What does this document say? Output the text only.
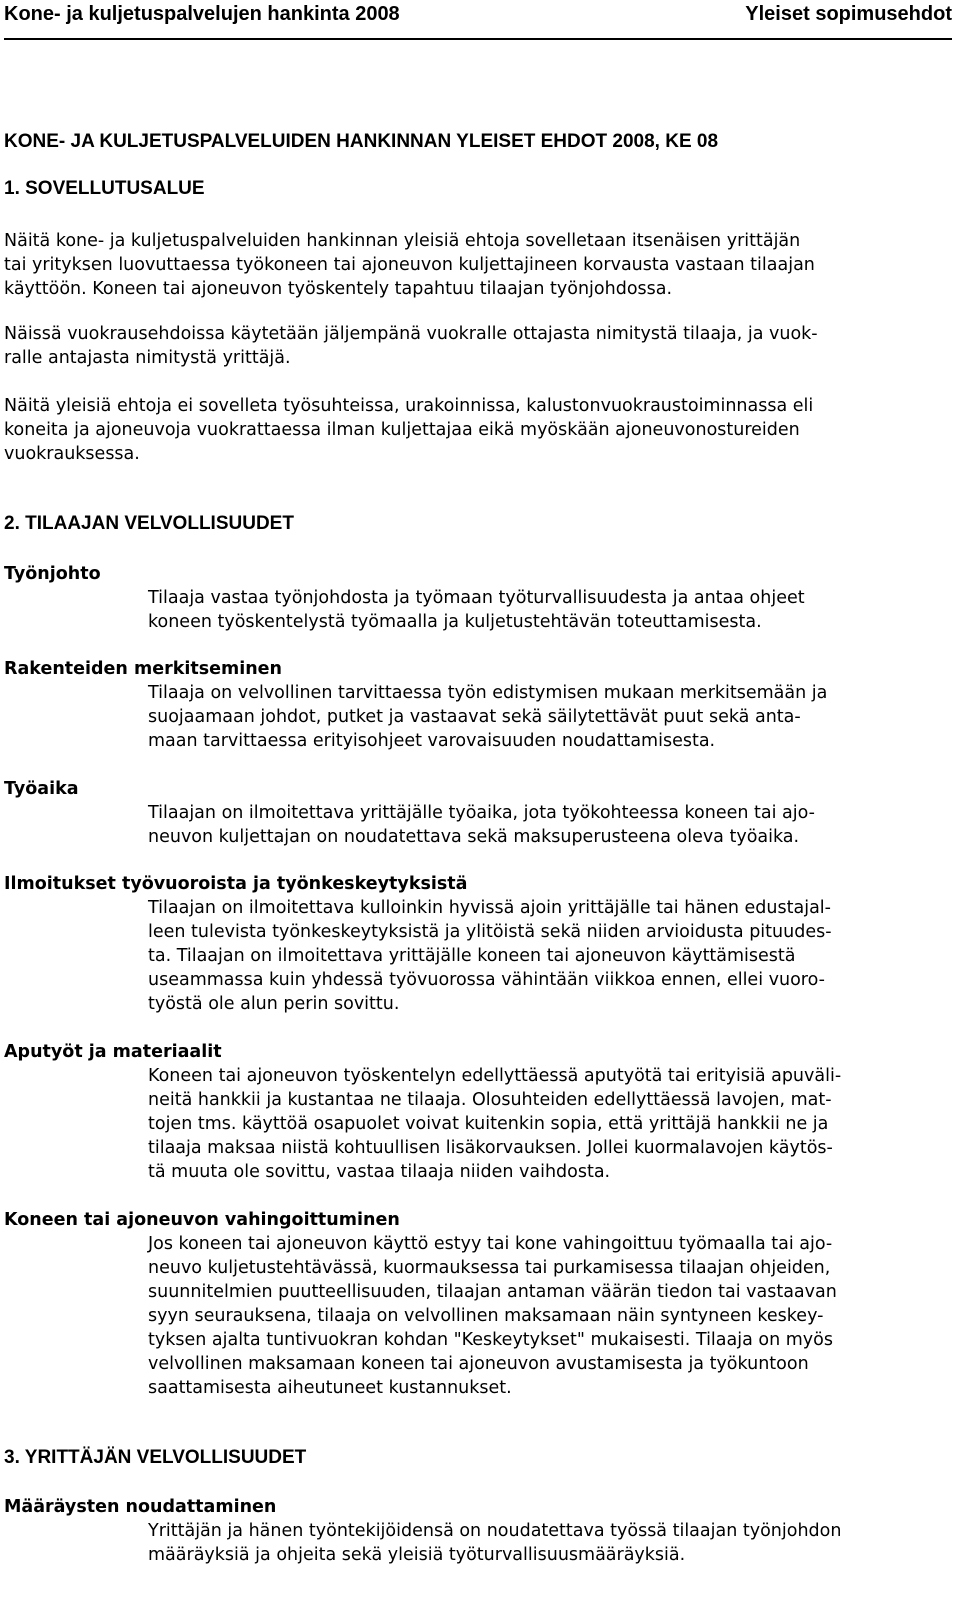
Kone- ja kuljetuspalvelujen hankinta 2008	Yleiset sopimusehdot
KONE- JA KULJETUSPALVELUIDEN HANKINNAN YLEISET EHDOT 2008, KE 08
1. SOVELLUTUSALUE
Näitä kone- ja kuljetuspalveluiden hankinnan yleisiä ehtoja sovelletaan itsenäisen yrittäjän
tai yrityksen luovuttaessa työkoneen tai ajoneuvon kuljettajineen korvausta vastaan tilaajan
käyttöön. Koneen tai ajoneuvon työskentely tapahtuu tilaajan työnjohdossa.
Näissä vuokrausehdoissa käytetään jäljempänä vuokralle ottajasta nimitystä tilaaja, ja vuok-
ralle antajasta nimitystä yrittäjä.
Näitä yleisiä ehtoja ei sovelleta työsuhteissa, urakoinnissa, kalustonvuokraustoiminnassa eli
koneita ja ajoneuvoja vuokrattaessa ilman kuljettajaa eikä myöskään ajoneuvonostureiden
vuokrauksessa.
2. TILAAJAN VELVOLLISUUDET
Työnjohto
Tilaaja vastaa työnjohdosta ja työmaan työturvallisuudesta ja antaa ohjeet
koneen työskentelystä työmaalla ja kuljetustehtävän toteuttamisesta.
Rakenteiden merkitseminen
Tilaaja on velvollinen tarvittaessa työn edistymisen mukaan merkitsemään ja
suojaamaan johdot, putket ja vastaavat sekä säilytettävät puut sekä anta-
maan tarvittaessa erityisohjeet varovaisuuden noudattamisesta.
Työaika
Tilaajan on ilmoitettava yrittäjälle työaika, jota työkohteessa koneen tai ajo-
neuvon kuljettajan on noudatettava sekä maksuperusteena oleva työaika.
Ilmoitukset työvuoroista ja työnkeskeytyksistä
Tilaajan on ilmoitettava kulloinkin hyvissä ajoin yrittäjälle tai hänen edustajal-
leen tulevista työnkeskeytyksistä ja ylitöistä sekä niiden arvioidusta pituudes-
ta. Tilaajan on ilmoitettava yrittäjälle koneen tai ajoneuvon käyttämisestä
useammassa kuin yhdessä työvuorossa vähintään viikkoa ennen, ellei vuoro-
työstä ole alun perin sovittu.
Aputyöt ja materiaalit
Koneen tai ajoneuvon työskentelyn edellyttäessä aputyötä tai erityisiä apuväli-
neitä hankkii ja kustantaa ne tilaaja. Olosuhteiden edellyttäessä lavojen, mat-
tojen tms. käyttöä osapuolet voivat kuitenkin sopia, että yrittäjä hankkii ne ja
tilaaja maksaa niistä kohtuullisen lisäkorvauksen. Jollei kuormalavojen käytös-
tä muuta ole sovittu, vastaa tilaaja niiden vaihdosta.
Koneen tai ajoneuvon vahingoittuminen
Jos koneen tai ajoneuvon käyttö estyy tai kone vahingoittuu työmaalla tai ajo-
neuvo kuljetustehtävässä, kuormauksessa tai purkamisessa tilaajan ohjeiden,
suunnitelmien puutteellisuuden, tilaajan antaman väärän tiedon tai vastaavan
syyn seurauksena, tilaaja on velvollinen maksamaan näin syntyneen keskey-
tyksen ajalta tuntivuokran kohdan "Keskeytykset" mukaisesti. Tilaaja on myös
velvollinen maksamaan koneen tai ajoneuvon avustamisesta ja työkuntoon
saattamisesta aiheutuneet kustannukset.
3. YRITTÄJÄN VELVOLLISUUDET
Määräysten noudattaminen
Yrittäjän ja hänen työntekijöidensä on noudatettava työssä tilaajan työnjohdon
määräyksiä ja ohjeita sekä yleisiä työturvallisuusmääräyksiä.
